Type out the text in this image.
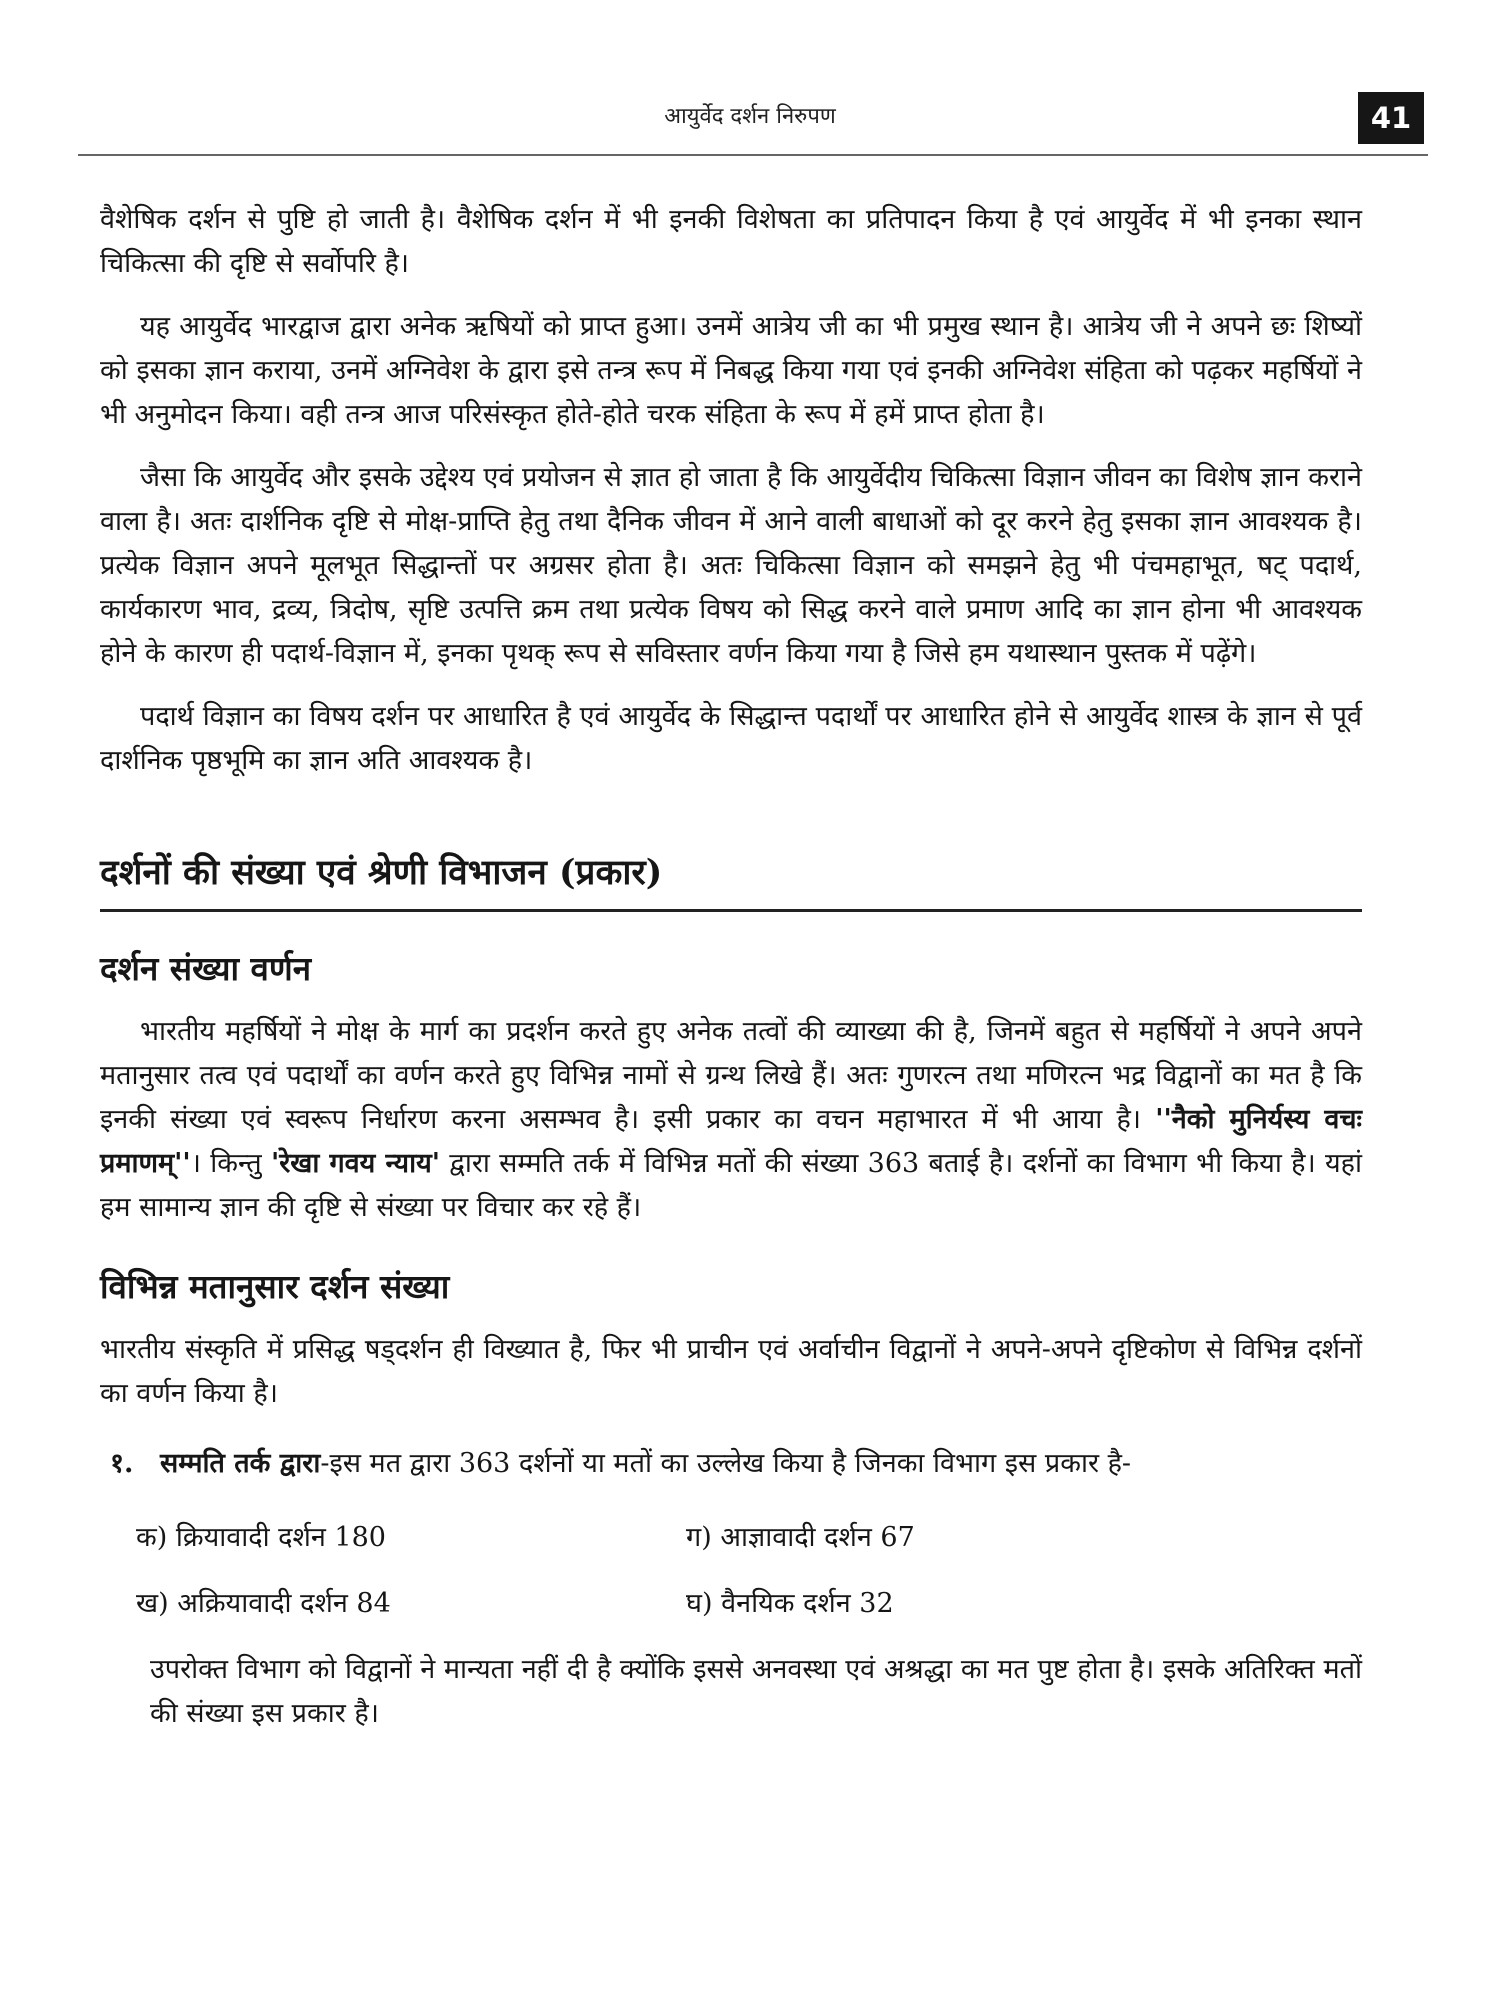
आयुर्वेद दर्शन निरुपण	41

वैशेषिक दर्शन से पुष्टि हो जाती है। वैशेषिक दर्शन में भी इनकी विशेषता का प्रतिपादन किया है एवं आयुर्वेद में भी इनका स्थान चिकित्सा की दृष्टि से सर्वोपरि है।

यह आयुर्वेद भारद्वाज द्वारा अनेक ऋषियों को प्राप्त हुआ। उनमें आत्रेय जी का भी प्रमुख स्थान है। आत्रेय जी ने अपने छः शिष्यों को इसका ज्ञान कराया, उनमें अग्निवेश के द्वारा इसे तन्त्र रूप में निबद्ध किया गया एवं इनकी अग्निवेश संहिता को पढ़कर महर्षियों ने भी अनुमोदन किया। वही तन्त्र आज परिसंस्कृत होते-होते चरक संहिता के रूप में हमें प्राप्त होता है।

जैसा कि आयुर्वेद और इसके उद्देश्य एवं प्रयोजन से ज्ञात हो जाता है कि आयुर्वेदीय चिकित्सा विज्ञान जीवन का विशेष ज्ञान कराने वाला है। अतः दार्शनिक दृष्टि से मोक्ष-प्राप्ति हेतु तथा दैनिक जीवन में आने वाली बाधाओं को दूर करने हेतु इसका ज्ञान आवश्यक है। प्रत्येक विज्ञान अपने मूलभूत सिद्धान्तों पर अग्रसर होता है। अतः चिकित्सा विज्ञान को समझने हेतु भी पंचमहाभूत, षट् पदार्थ, कार्यकारण भाव, द्रव्य, त्रिदोष, सृष्टि उत्पत्ति क्रम तथा प्रत्येक विषय को सिद्ध करने वाले प्रमाण आदि का ज्ञान होना भी आवश्यक होने के कारण ही पदार्थ-विज्ञान में, इनका पृथक् रूप से सविस्तार वर्णन किया गया है जिसे हम यथास्थान पुस्तक में पढ़ेंगे।

पदार्थ विज्ञान का विषय दर्शन पर आधारित है एवं आयुर्वेद के सिद्धान्त पदार्थों पर आधारित होने से आयुर्वेद शास्त्र के ज्ञान से पूर्व दार्शनिक पृष्ठभूमि का ज्ञान अति आवश्यक है।

दर्शनों की संख्या एवं श्रेणी विभाजन (प्रकार)
दर्शन संख्या वर्णन

भारतीय महर्षियों ने मोक्ष के मार्ग का प्रदर्शन करते हुए अनेक तत्वों की व्याख्या की है, जिनमें बहुत से महर्षियों ने अपने अपने मतानुसार तत्व एवं पदार्थों का वर्णन करते हुए विभिन्न नामों से ग्रन्थ लिखे हैं। अतः गुणरत्न तथा मणिरत्न भद्र विद्वानों का मत है कि इनकी संख्या एवं स्वरूप निर्धारण करना असम्भव है। इसी प्रकार का वचन महाभारत में भी आया है। ''नैको मुनिर्यस्य वचः प्रमाणम्''। किन्तु 'रेखा गवय न्याय' द्वारा सम्मति तर्क में विभिन्न मतों की संख्या 363 बताई है। दर्शनों का विभाग भी किया है। यहां हम सामान्य ज्ञान की दृष्टि से संख्या पर विचार कर रहे हैं।

विभिन्न मतानुसार दर्शन संख्या

भारतीय संस्कृति में प्रसिद्ध षड्दर्शन ही विख्यात है, फिर भी प्राचीन एवं अर्वाचीन विद्वानों ने अपने-अपने दृष्टिकोण से विभिन्न दर्शनों का वर्णन किया है।

१. सम्मति तर्क द्वारा-इस मत द्वारा 363 दर्शनों या मतों का उल्लेख किया है जिनका विभाग इस प्रकार है-
क) क्रियावादी दर्शन 180	ग) आज्ञावादी दर्शन 67
ख) अक्रियावादी दर्शन 84	घ) वैनयिक दर्शन 32

उपरोक्त विभाग को विद्वानों ने मान्यता नहीं दी है क्योंकि इससे अनवस्था एवं अश्रद्धा का मत पुष्ट होता है। इसके अतिरिक्त मतों की संख्या इस प्रकार है।
